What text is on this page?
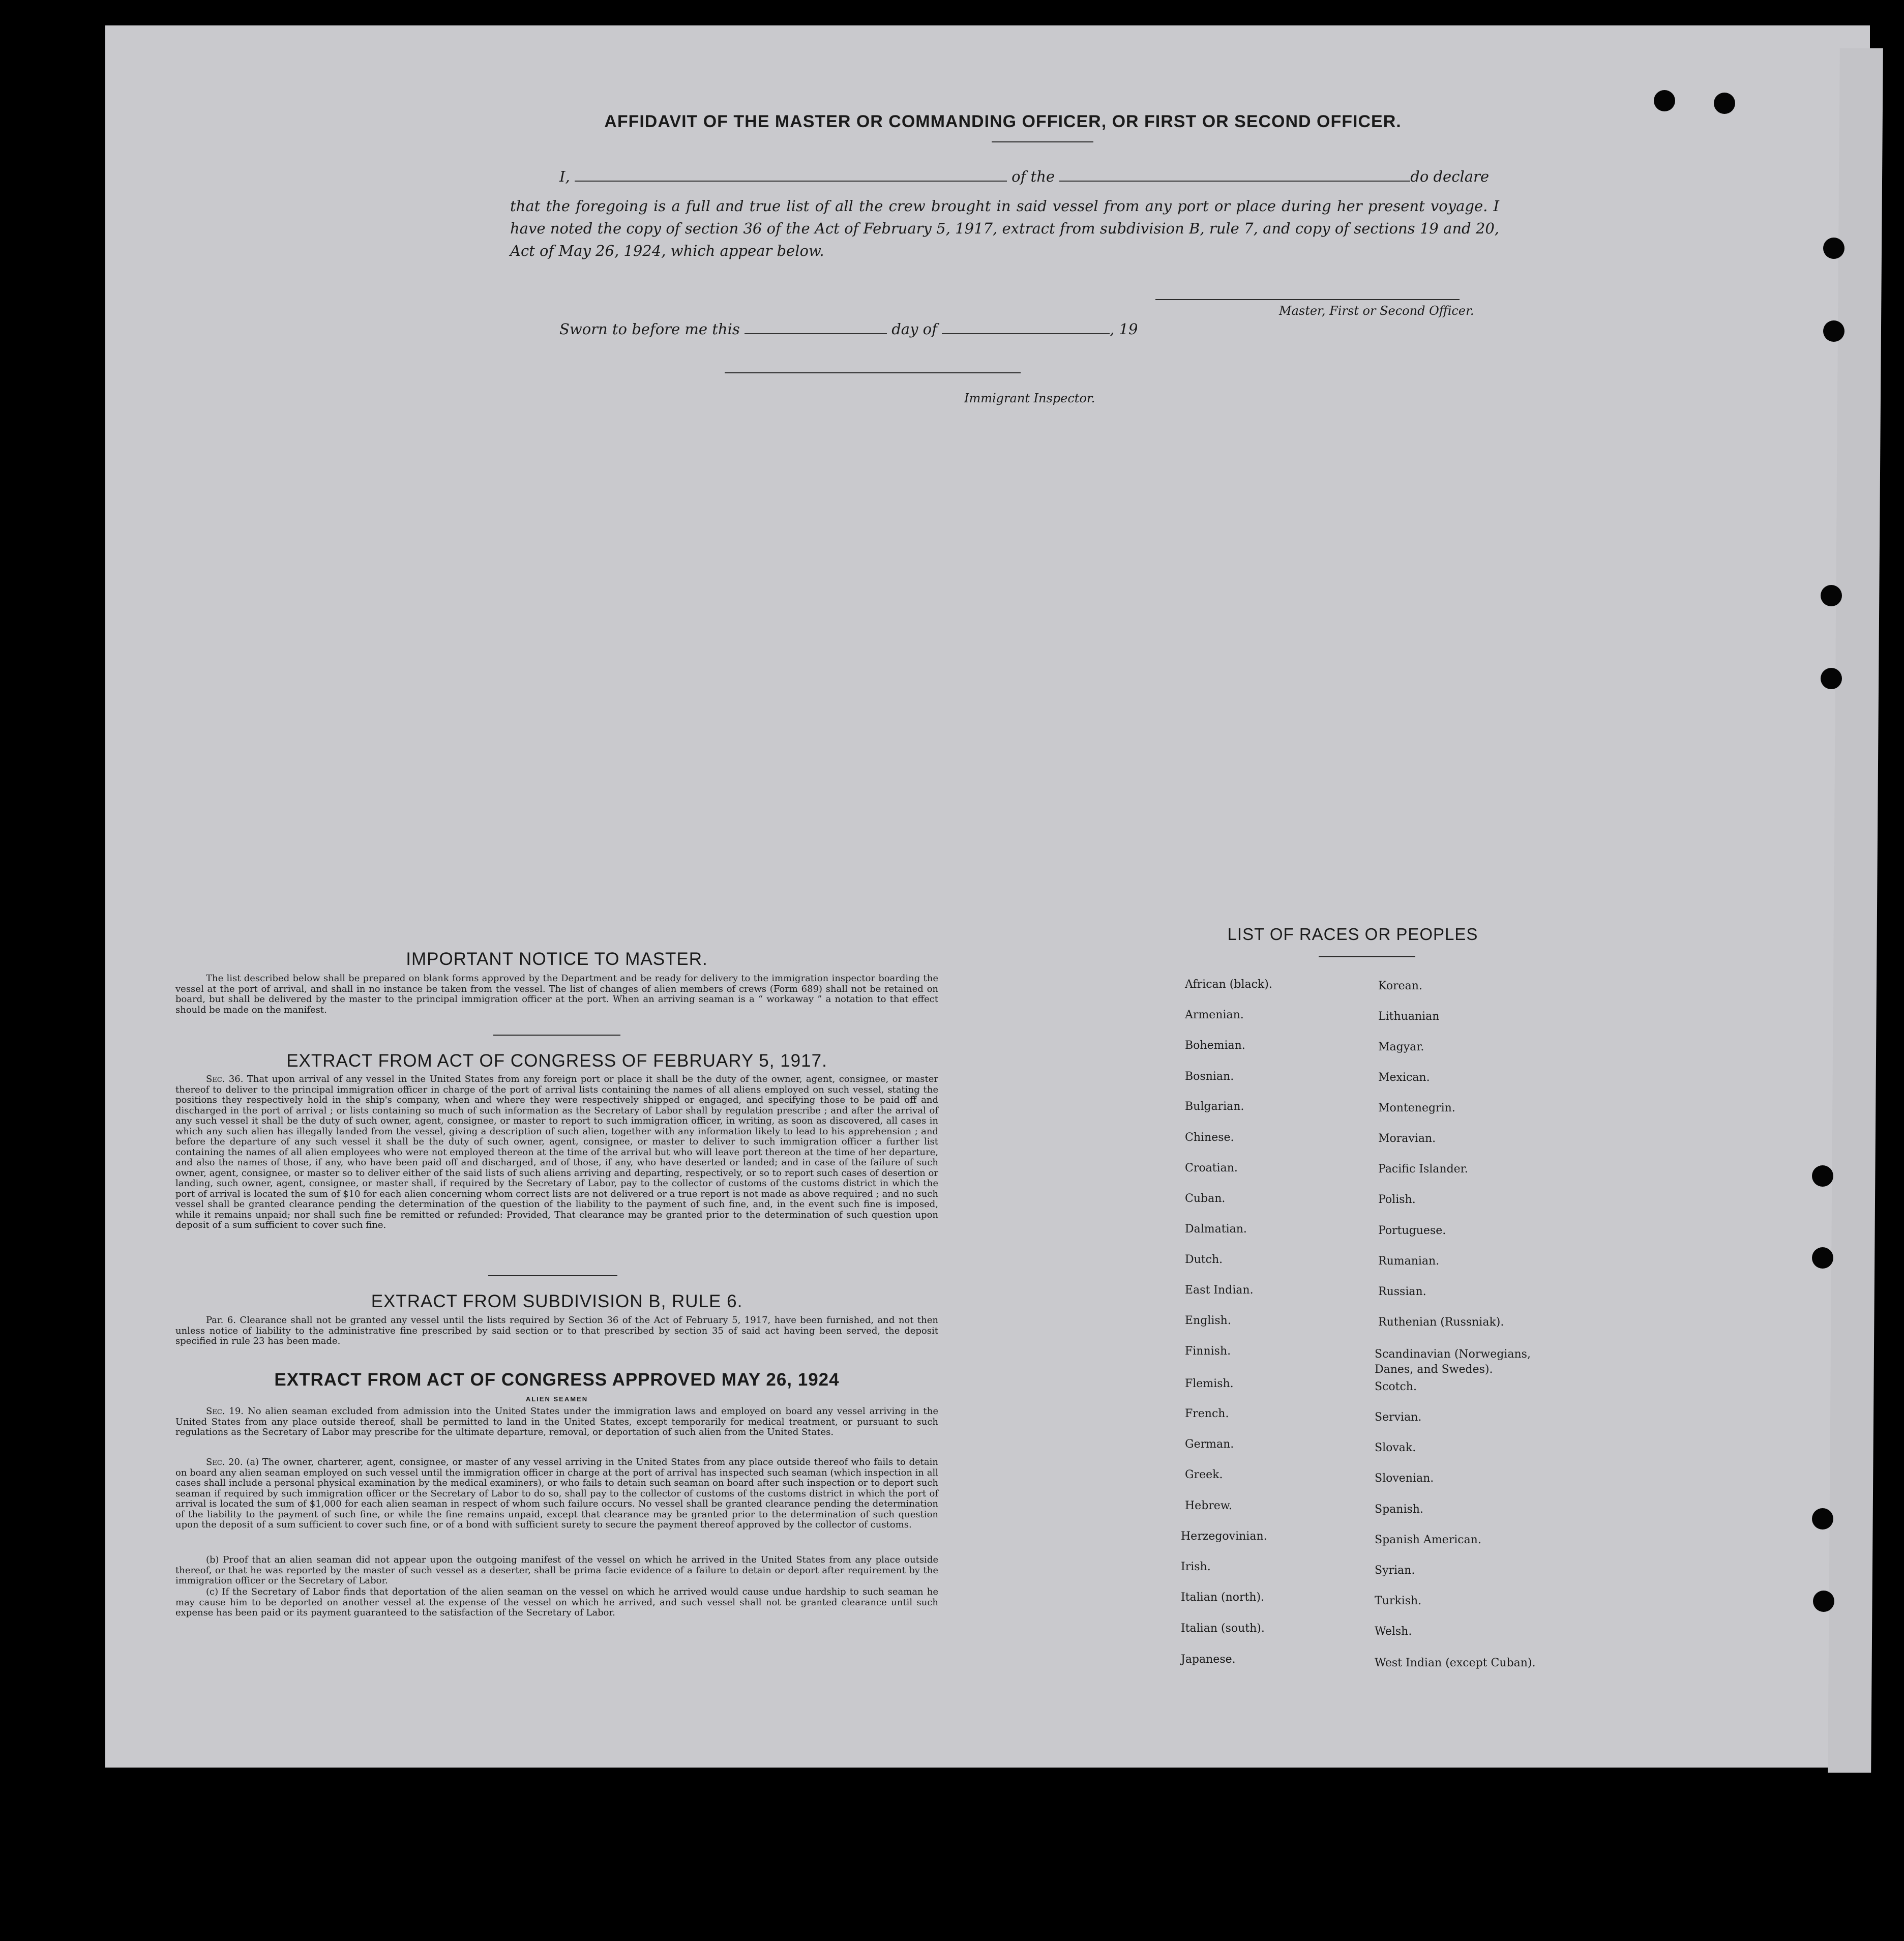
AFFIDAVIT OF THE MASTER OR COMMANDING OFFICER, OR FIRST OR SECOND OFFICER.
I,	of the	do declare
that the foregoing is a full and true list of all the crew brought in said vessel from any port or place during her present voyage. I have noted the copy of section 36 of the Act of February 5, 1917, extract from subdivision B, rule 7, and copy of sections 19 and 20, Act of May 26, 1924, which appear below.
Master, First or Second Officer.
Sworn to before me this	day of	, 19
Immigrant Inspector.
IMPORTANT NOTICE TO MASTER.

The list described below shall be prepared on blank forms approved by the Department and be ready for delivery to the immigration inspector boarding the vessel at the port of arrival, and shall in no instance be taken from the vessel. The list of changes of alien members of crews (Form 689) shall not be retained on board, but shall be delivered by the master to the principal immigration officer at the port. When an arriving seaman is a “ workaway ” a notation to that effect should be made on the manifest.

EXTRACT FROM ACT OF CONGRESS OF FEBRUARY 5, 1917.

Sec. 36. That upon arrival of any vessel in the United States from any foreign port or place it shall be the duty of the owner, agent, consignee, or master thereof to deliver to the principal immigration officer in charge of the port of arrival lists containing the names of all aliens employed on such vessel, stating the positions they respectively hold in the ship's company, when and where they were respectively shipped or engaged, and specifying those to be paid off and discharged in the port of arrival ; or lists containing so much of such information as the Secretary of Labor shall by regulation prescribe ; and after the arrival of any such vessel it shall be the duty of such owner, agent, consignee, or master to report to such immigration officer, in writing, as soon as discovered, all cases in which any such alien has illegally landed from the vessel, giving a description of such alien, together with any information likely to lead to his apprehension ; and before the departure of any such vessel it shall be the duty of such owner, agent, consignee, or master to deliver to such immigration officer a further list containing the names of all alien employees who were not employed thereon at the time of the arrival but who will leave port thereon at the time of her departure, and also the names of those, if any, who have been paid off and discharged, and of those, if any, who have deserted or landed; and in case of the failure of such owner, agent, consignee, or master so to deliver either of the said lists of such aliens arriving and departing, respectively, or so to report such cases of desertion or landing, such owner, agent, consignee, or master shall, if required by the Secretary of Labor, pay to the collector of customs of the customs district in which the port of arrival is located the sum of $10 for each alien concerning whom correct lists are not delivered or a true report is not made as above required ; and no such vessel shall be granted clearance pending the determination of the question of the liability to the payment of such fine, and, in the event such fine is imposed, while it remains unpaid; nor shall such fine be remitted or refunded: Provided, That clearance may be granted prior to the determination of such question upon deposit of a sum sufficient to cover such fine.

EXTRACT FROM SUBDIVISION B, RULE 6.

Par. 6. Clearance shall not be granted any vessel until the lists required by Section 36 of the Act of February 5, 1917, have been furnished, and not then unless notice of liability to the administrative fine prescribed by said section or to that prescribed by section 35 of said act having been served, the deposit specified in rule 23 has been made.

EXTRACT FROM ACT OF CONGRESS APPROVED MAY 26, 1924
ALIEN SEAMEN

Sec. 19. No alien seaman excluded from admission into the United States under the immigration laws and employed on board any vessel arriving in the United States from any place outside thereof, shall be permitted to land in the United States, except temporarily for medical treatment, or pursuant to such regulations as the Secretary of Labor may prescribe for the ultimate departure, removal, or deportation of such alien from the United States.

Sec. 20. (a) The owner, charterer, agent, consignee, or master of any vessel arriving in the United States from any place outside thereof who fails to detain on board any alien seaman employed on such vessel until the immigration officer in charge at the port of arrival has inspected such seaman (which inspection in all cases shall include a personal physical examination by the medical examiners), or who fails to detain such seaman on board after such inspection or to deport such seaman if required by such immigration officer or the Secretary of Labor to do so, shall pay to the collector of customs of the customs district in which the port of arrival is located the sum of $1,000 for each alien seaman in respect of whom such failure occurs. No vessel shall be granted clearance pending the determination of the liability to the payment of such fine, or while the fine remains unpaid, except that clearance may be granted prior to the determination of such question upon the deposit of a sum sufficient to cover such fine, or of a bond with sufficient surety to secure the payment thereof approved by the collector of customs.

(b) Proof that an alien seaman did not appear upon the outgoing manifest of the vessel on which he arrived in the United States from any place outside thereof, or that he was reported by the master of such vessel as a deserter, shall be prima facie evidence of a failure to detain or deport after requirement by the immigration officer or the Secretary of Labor.

(c) If the Secretary of Labor finds that deportation of the alien seaman on the vessel on which he arrived would cause undue hardship to such seaman he may cause him to be deported on another vessel at the expense of the vessel on which he arrived, and such vessel shall not be granted clearance until such expense has been paid or its payment guaranteed to the satisfaction of the Secretary of Labor.

LIST OF RACES OR PEOPLES
African (black).
Armenian.
Bohemian.
Bosnian.
Bulgarian.
Chinese.
Croatian.
Cuban.
Dalmatian.
Dutch.
East Indian.
English.
Finnish.
Flemish.
French.
German.
Greek.
Hebrew.
Herzegovinian.
Irish.
Italian (north).
Italian (south).
Japanese.
Korean.
Lithuanian
Magyar.
Mexican.
Montenegrin.
Moravian.
Pacific Islander.
Polish.
Portuguese.
Rumanian.
Russian.
Ruthenian (Russniak).
Scandinavian (Norwegians, Danes, and Swedes).
Scotch.
Servian.
Slovak.
Slovenian.
Spanish.
Spanish American.
Syrian.
Turkish.
Welsh.
West Indian (except Cuban).
